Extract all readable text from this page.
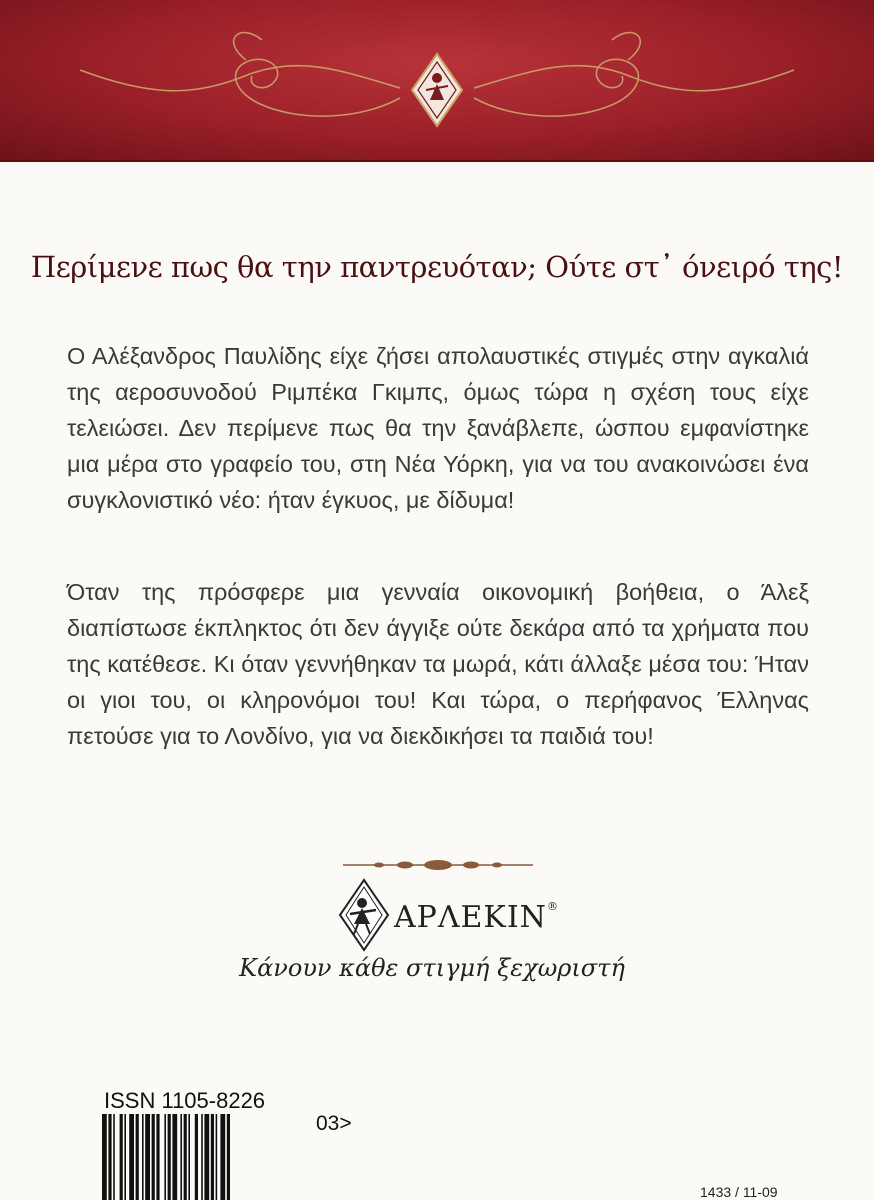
Περίμενε πως θα την παντρευόταν; Ούτε στ᾽ όνειρό της!

Ο Αλέξανδρος Παυλίδης είχε ζήσει απολαυστικές στιγμές στην αγκαλιά της αεροσυνοδού Ριμπέκα Γκιμπς, όμως τώρα η σχέση τους είχε τελειώσει. Δεν περίμενε πως θα την ξανάβλεπε, ώσπου εμφανίστηκε μια μέρα στο γραφείο του, στη Νέα Υόρκη, για να του ανακοινώσει ένα συγκλονιστικό νέο: ήταν έγκυος, με δίδυμα!

Όταν της πρόσφερε μια γενναία οικονομική βοήθεια, ο Άλεξ διαπίστωσε έκπληκτος ότι δεν άγγιξε ούτε δεκάρα από τα χρήματα που της κατέθεσε. Κι όταν γεννήθηκαν τα μωρά, κάτι άλλαξε μέσα του: Ήταν οι γιοι του, οι κληρονόμοι του! Και τώρα, ο περήφανος Έλληνας πετούσε για το Λονδίνο, για να διεκδικήσει τα παιδιά του!

ΑΡΛΕΚΙΝ®
Κάνουν κάθε στιγμή ξεχωριστή
ISSN 1105-8226
03>
1433 / 11-09
